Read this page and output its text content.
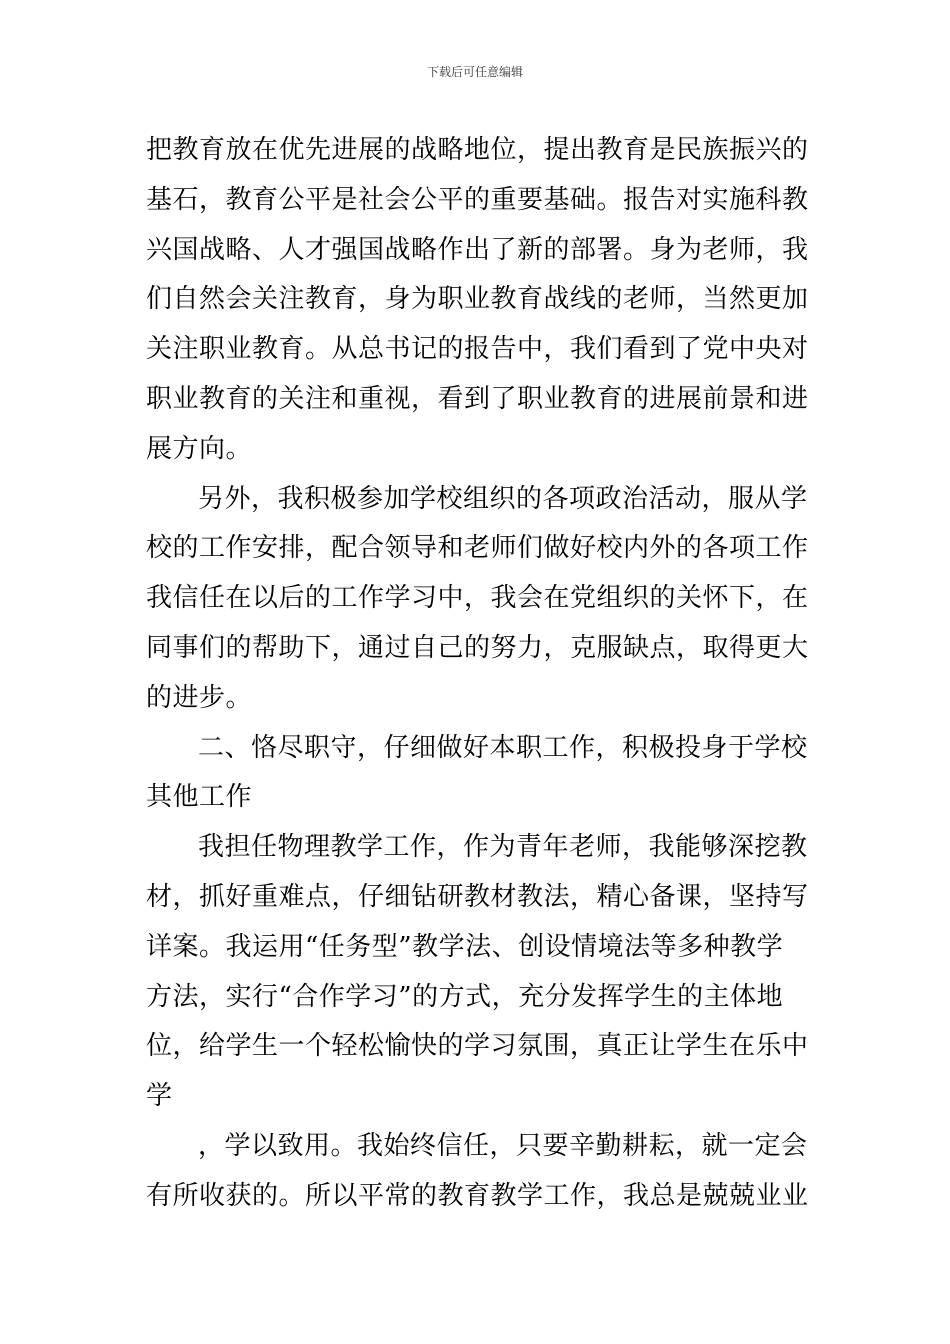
下载后可任意编辑
把教育放在优先进展的战略地位，提出教育是民族振兴的
基石，教育公平是社会公平的重要基础。报告对实施科教
兴国战略、人才强国战略作出了新的部署。身为老师，我
们自然会关注教育，身为职业教育战线的老师，当然更加
关注职业教育。从总书记的报告中，我们看到了党中央对
职业教育的关注和重视，看到了职业教育的进展前景和进
展方向。
另外，我积极参加学校组织的各项政治活动，服从学
校的工作安排，配合领导和老师们做好校内外的各项工作
我信任在以后的工作学习中，我会在党组织的关怀下，在
同事们的帮助下，通过自己的努力，克服缺点，取得更大
的进步。
二、恪尽职守，仔细做好本职工作，积极投身于学校
其他工作
我担任物理教学工作，作为青年老师，我能够深挖教
材，抓好重难点，仔细钻研教材教法，精心备课，坚持写
详案。我运用“任务型”教学法、创设情境法等多种教学
方法，实行“合作学习”的方式，充分发挥学生的主体地
位，给学生一个轻松愉快的学习氛围，真正让学生在乐中
学
，学以致用。我始终信任，只要辛勤耕耘，就一定会
有所收获的。所以平常的教育教学工作，我总是兢兢业业
